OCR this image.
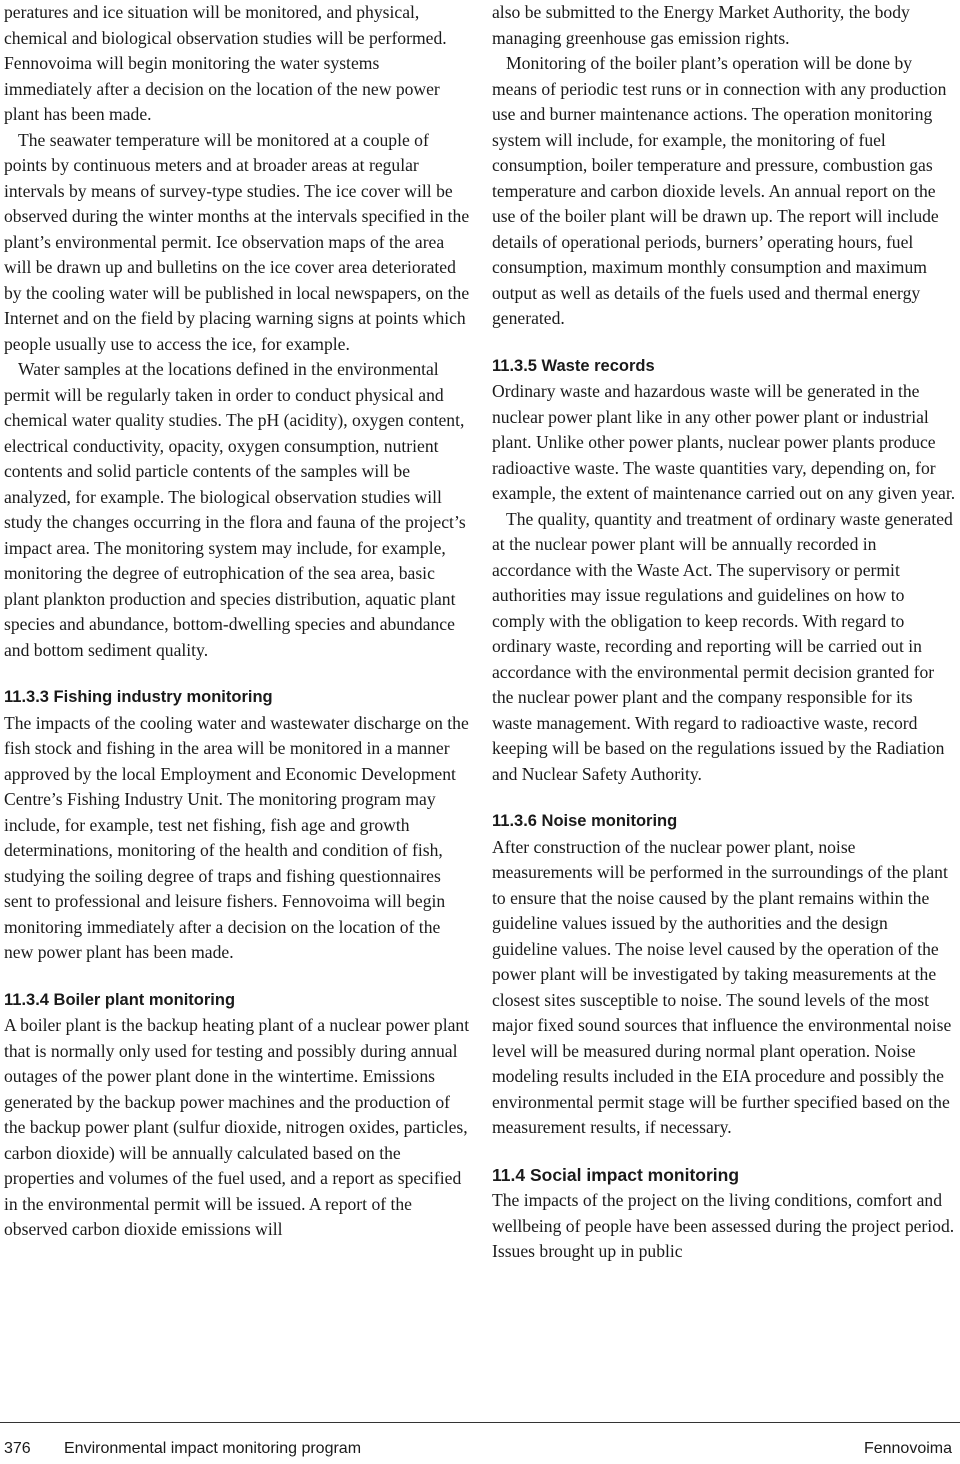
peratures and ice situation will be monitored, and physical, chemical and biological observation studies will be performed. Fennovoima will begin monitoring the water systems immediately after a decision on the location of the new power plant has been made.

The seawater temperature will be monitored at a couple of points by continuous meters and at broader areas at regular intervals by means of survey-type studies. The ice cover will be observed during the winter months at the intervals specified in the plant’s environmental permit. Ice observation maps of the area will be drawn up and bulletins on the ice cover area deteriorated by the cooling water will be published in local newspapers, on the Internet and on the field by placing warning signs at points which people usually use to access the ice, for example.

Water samples at the locations defined in the environmental permit will be regularly taken in order to conduct physical and chemical water quality studies. The pH (acidity), oxygen content, electrical conductivity, opacity, oxygen consumption, nutrient contents and solid particle contents of the samples will be analyzed, for example. The biological observation studies will study the changes occurring in the flora and fauna of the project’s impact area. The monitoring system may include, for example, monitoring the degree of eutrophication of the sea area, basic plant plankton production and species distribution, aquatic plant species and abundance, bottom-dwelling species and abundance and bottom sediment quality.

11.3.3 Fishing industry monitoring

The impacts of the cooling water and wastewater discharge on the fish stock and fishing in the area will be monitored in a manner approved by the local Employment and Economic Development Centre’s Fishing Industry Unit. The monitoring program may include, for example, test net fishing, fish age and growth determinations, monitoring of the health and condition of fish, studying the soiling degree of traps and fishing questionnaires sent to professional and leisure fishers. Fennovoima will begin monitoring immediately after a decision on the location of the new power plant has been made.

11.3.4 Boiler plant monitoring

A boiler plant is the backup heating plant of a nuclear power plant that is normally only used for testing and possibly during annual outages of the power plant done in the wintertime. Emissions generated by the backup power machines and the production of the backup power plant (sulfur dioxide, nitrogen oxides, particles, carbon dioxide) will be annually calculated based on the properties and volumes of the fuel used, and a report as specified in the environmental permit will be issued. A report of the observed carbon dioxide emissions will

also be submitted to the Energy Market Authority, the body managing greenhouse gas emission rights.

Monitoring of the boiler plant’s operation will be done by means of periodic test runs or in connection with any production use and burner maintenance actions. The operation monitoring system will include, for example, the monitoring of fuel consumption, boiler temperature and pressure, combustion gas temperature and carbon dioxide levels. An annual report on the use of the boiler plant will be drawn up. The report will include details of operational periods, burners’ operating hours, fuel consumption, maximum monthly consumption and maximum output as well as details of the fuels used and thermal energy generated.

11.3.5 Waste records

Ordinary waste and hazardous waste will be generated in the nuclear power plant like in any other power plant or industrial plant. Unlike other power plants, nuclear power plants produce radioactive waste. The waste quantities vary, depending on, for example, the extent of maintenance carried out on any given year.

The quality, quantity and treatment of ordinary waste generated at the nuclear power plant will be annually recorded in accordance with the Waste Act. The supervisory or permit authorities may issue regulations and guidelines on how to comply with the obligation to keep records. With regard to ordinary waste, recording and reporting will be carried out in accordance with the environmental permit decision granted for the nuclear power plant and the company responsible for its waste management. With regard to radioactive waste, record keeping will be based on the regulations issued by the Radiation and Nuclear Safety Authority.

11.3.6 Noise monitoring

After construction of the nuclear power plant, noise measurements will be performed in the surroundings of the plant to ensure that the noise caused by the plant remains within the guideline values issued by the authorities and the design guideline values. The noise level caused by the operation of the power plant will be investigated by taking measurements at the closest sites susceptible to noise. The sound levels of the most major fixed sound sources that influence the environmental noise level will be measured during normal plant operation. Noise modeling results included in the EIA procedure and possibly the environmental permit stage will be further specified based on the measurement results, if necessary.

11.4 Social impact monitoring

The impacts of the project on the living conditions, comfort and wellbeing of people have been assessed during the project period. Issues brought up in public

376 Environmental impact monitoring program	Fennovoima
